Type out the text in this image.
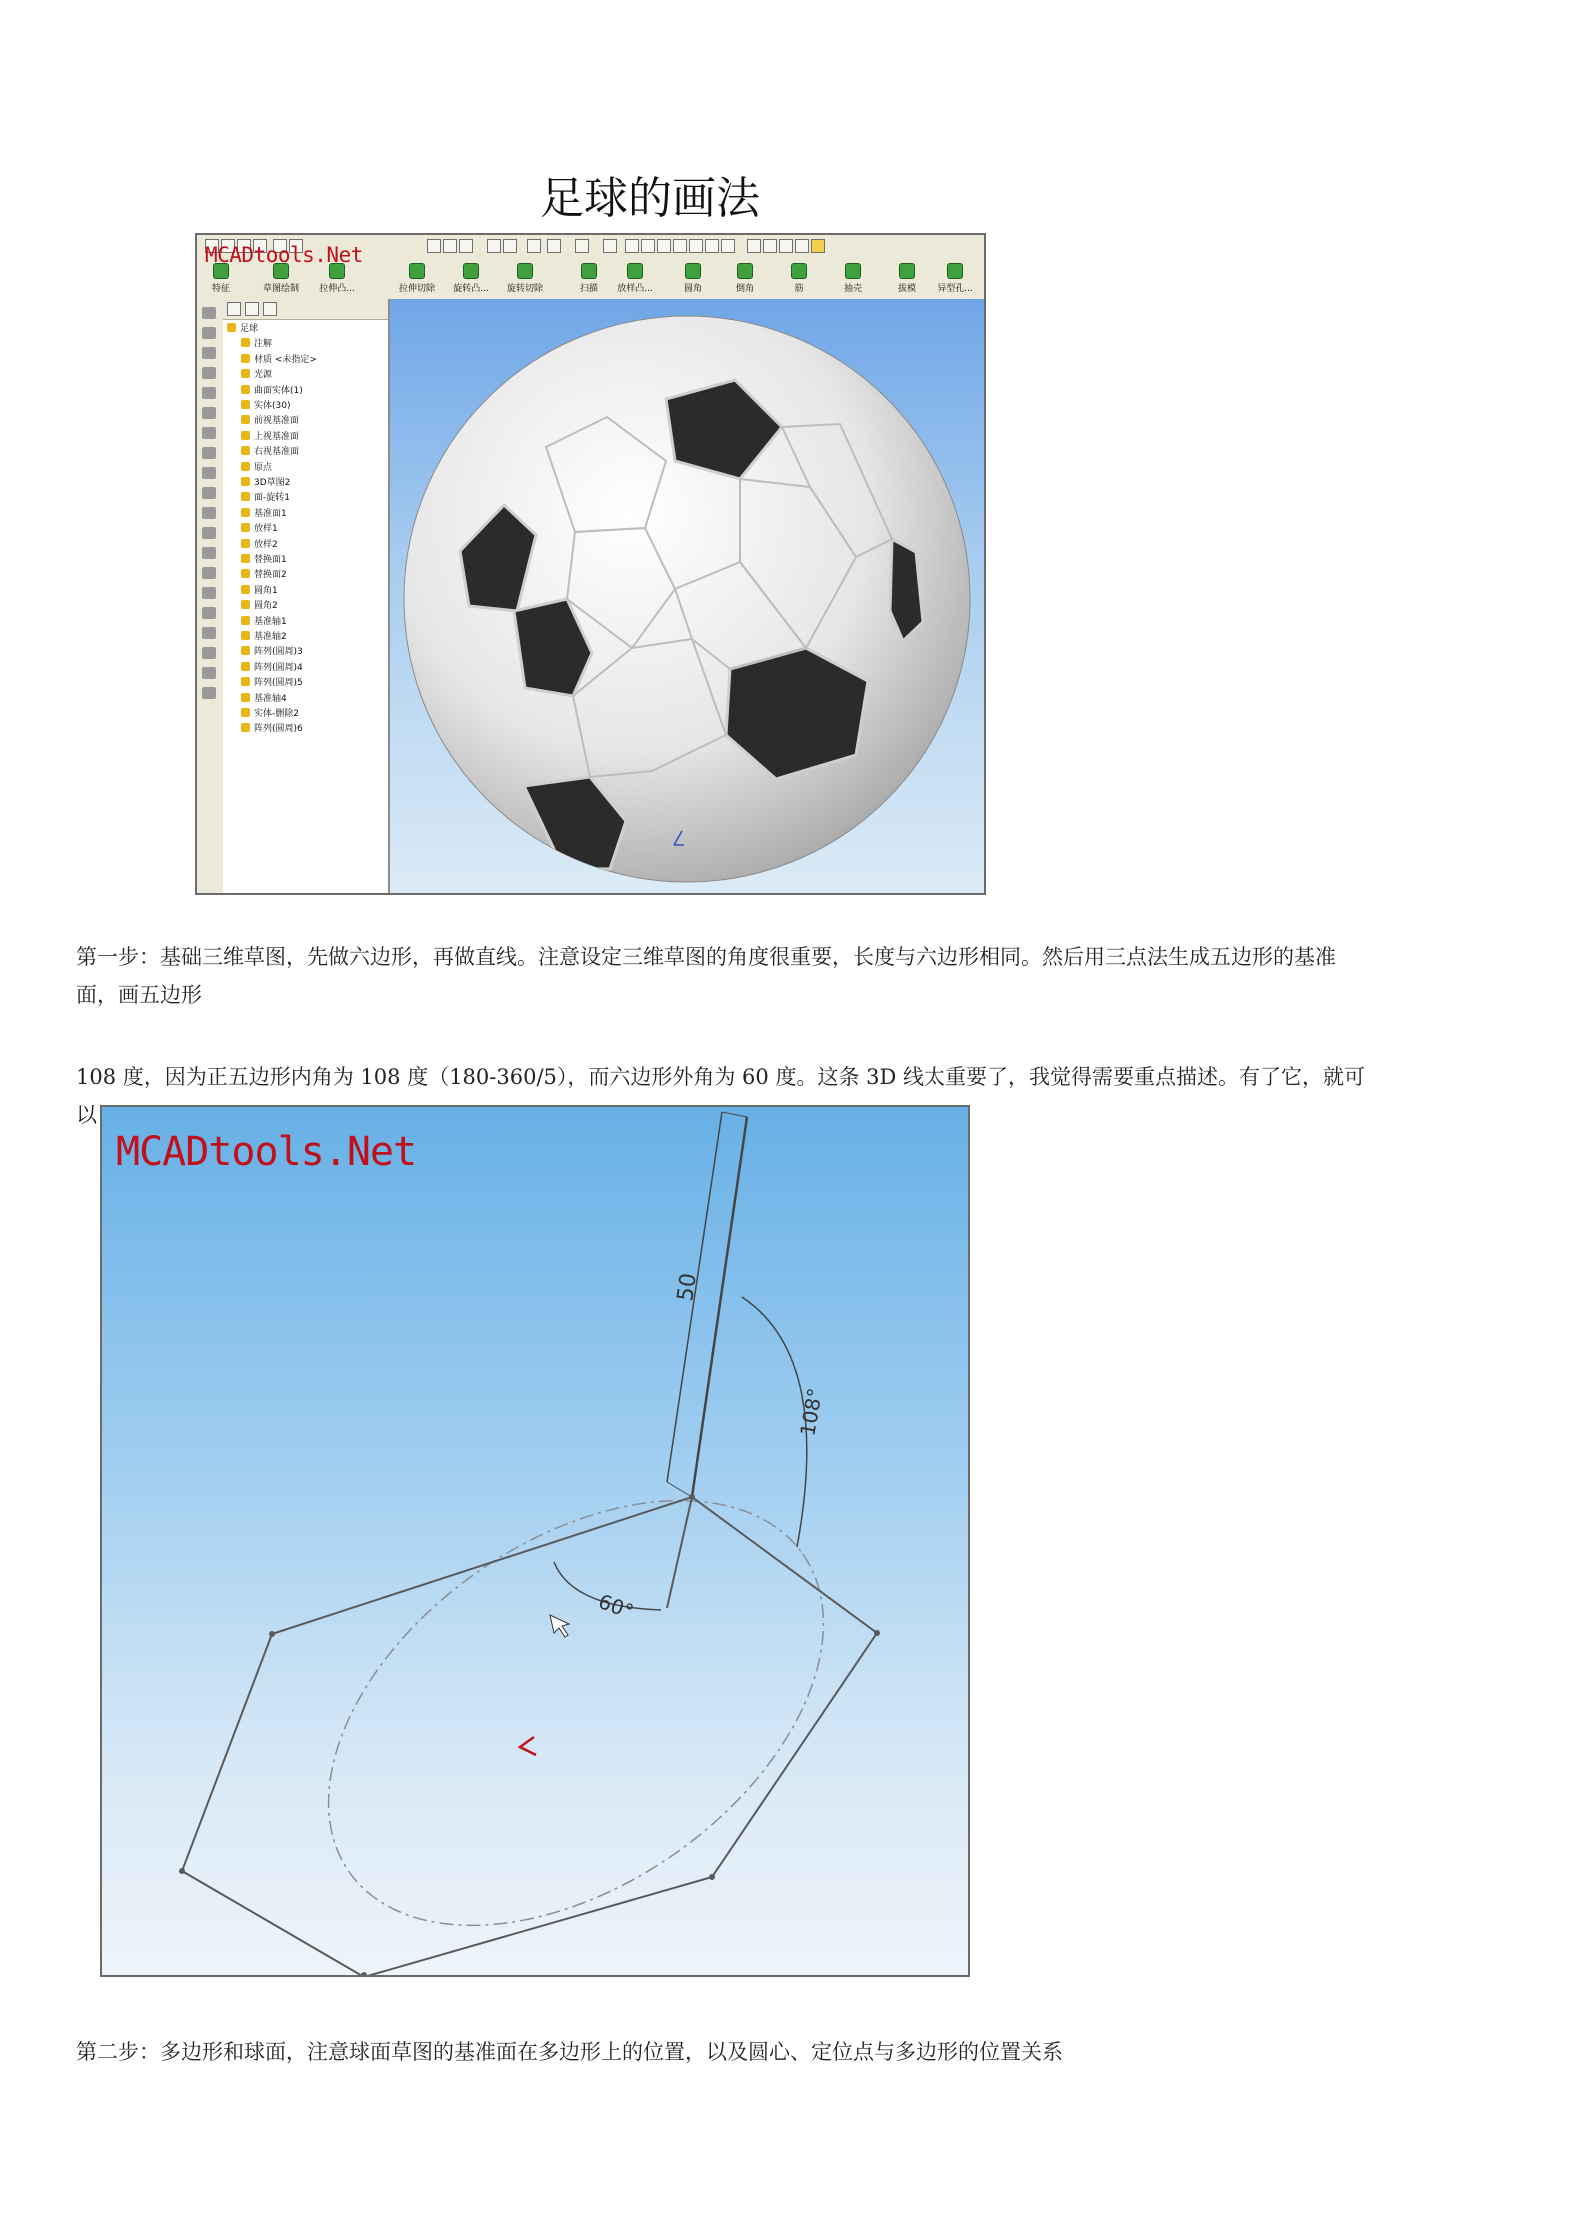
足球的画法
特征	草图绘制	拉伸凸...	拉伸切除	旋转凸...	旋转切除	扫描	放样凸...	圆角	倒角	筋	抽壳	拔模	异型孔...
MCADtools.Net
足球
注解
材质 <未指定>
光源
曲面实体(1)
实体(30)
前视基准面
上视基准面
右视基准面
原点
3D草图2
面-旋转1
基准面1
放样1
放样2
替换面1
替换面2
圆角1
圆角2
基准轴1
基准轴2
阵列(圆周)3
阵列(圆周)4
阵列(圆周)5
基准轴4
实体-删除2
阵列(圆周)6
第一步：基础三维草图，先做六边形，再做直线。注意设定三维草图的角度很重要，长度与六边形相同。然后用三点法生成五边形的基准
面，画五边形
108 度，因为正五边形内角为 108 度（180-360/5），而六边形外角为 60 度。这条 3D 线太重要了，我觉得需要重点描述。有了它，就可
以
MCADtools.Net
50
108°
60°
第二步：多边形和球面，注意球面草图的基准面在多边形上的位置，以及圆心、定位点与多边形的位置关系
